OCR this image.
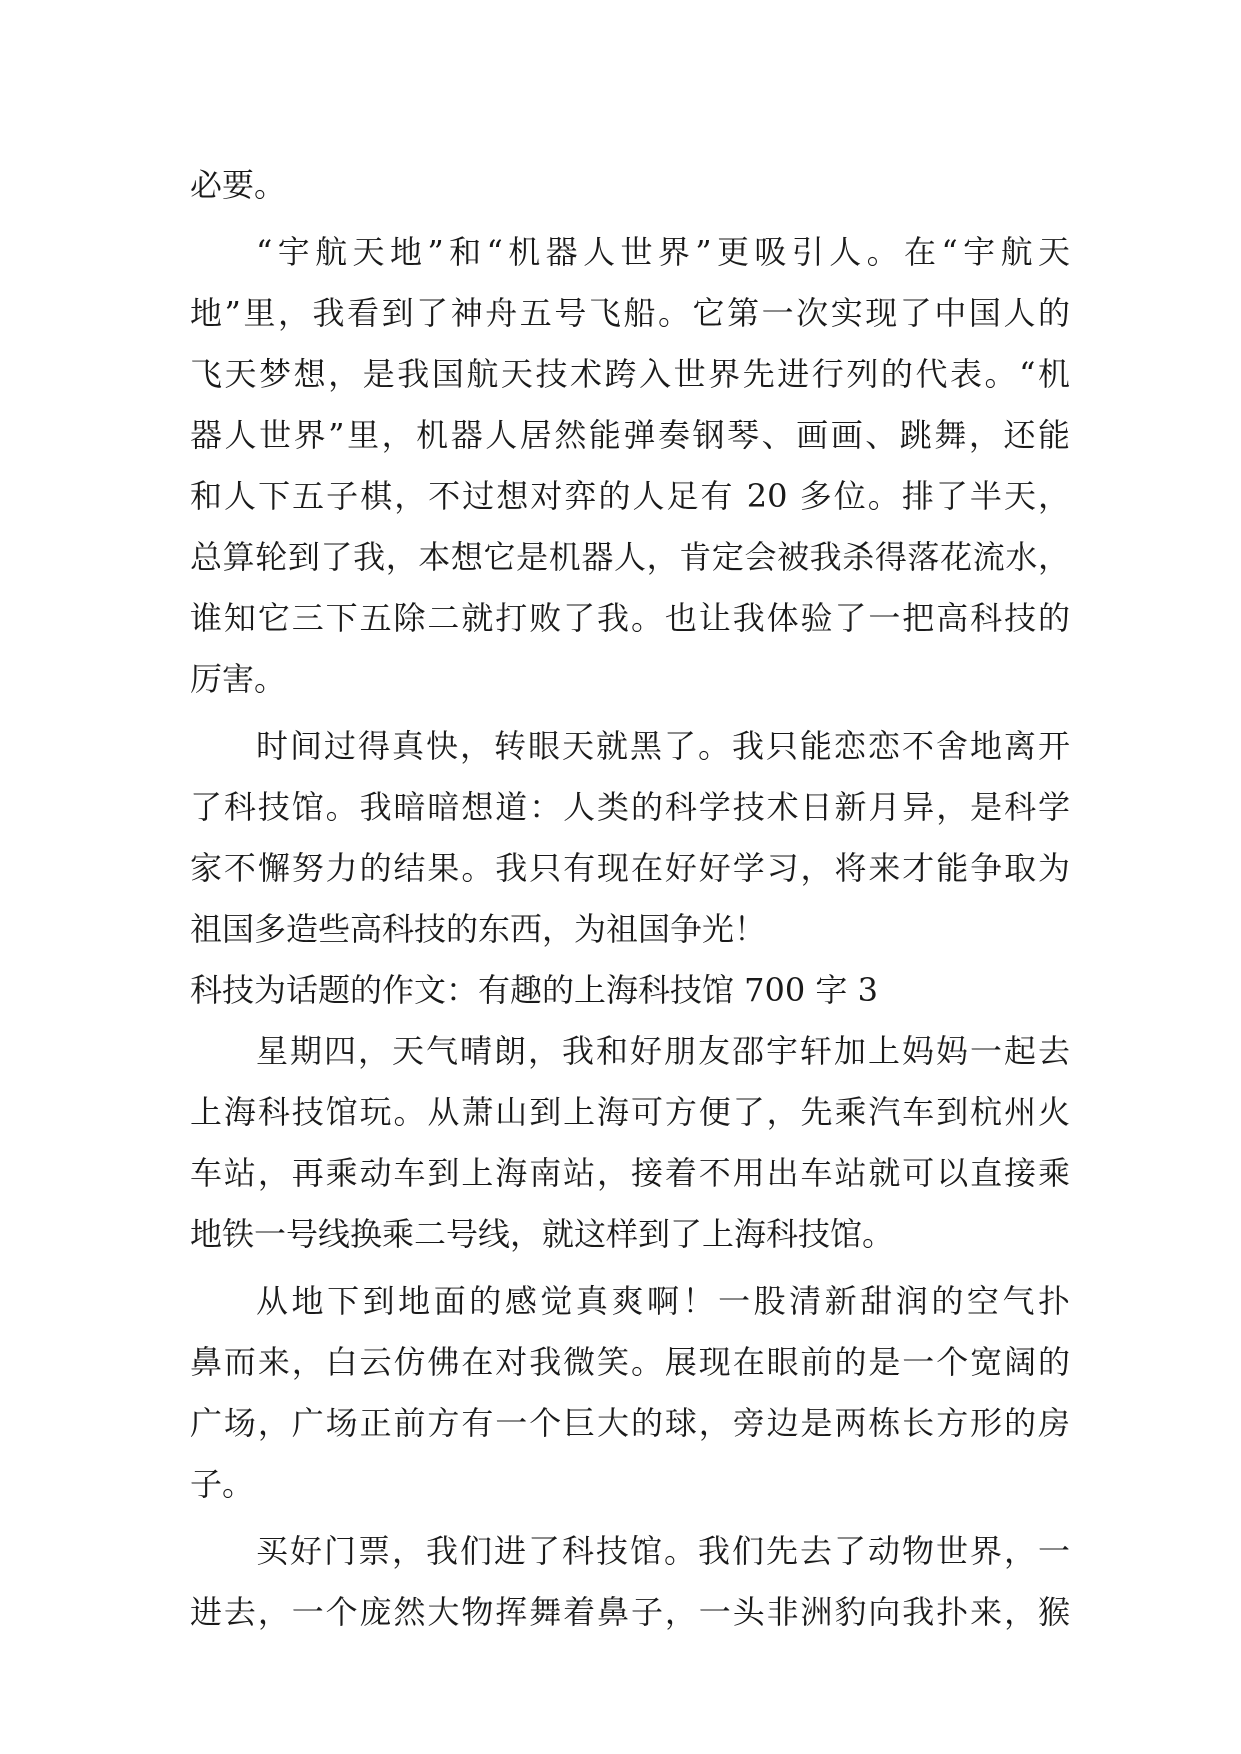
必要。
“宇航天地”和“机器人世界”更吸引人。在“宇航天
地”里，我看到了神舟五号飞船。它第一次实现了中国人的
飞天梦想，是我国航天技术跨入世界先进行列的代表。“机
器人世界”里，机器人居然能弹奏钢琴、画画、跳舞，还能
和人下五子棋，不过想对弈的人足有 20 多位。排了半天，
总算轮到了我，本想它是机器人，肯定会被我杀得落花流水，
谁知它三下五除二就打败了我。也让我体验了一把高科技的
厉害。
时间过得真快，转眼天就黑了。我只能恋恋不舍地离开
了科技馆。我暗暗想道：人类的科学技术日新月异，是科学
家不懈努力的结果。我只有现在好好学习，将来才能争取为
祖国多造些高科技的东西，为祖国争光！
科技为话题的作文：有趣的上海科技馆 700 字 3
星期四，天气晴朗，我和好朋友邵宇轩加上妈妈一起去
上海科技馆玩。从萧山到上海可方便了，先乘汽车到杭州火
车站，再乘动车到上海南站，接着不用出车站就可以直接乘
地铁一号线换乘二号线，就这样到了上海科技馆。
从地下到地面的感觉真爽啊！一股清新甜润的空气扑
鼻而来，白云仿佛在对我微笑。展现在眼前的是一个宽阔的
广场，广场正前方有一个巨大的球，旁边是两栋长方形的房
子。
买好门票，我们进了科技馆。我们先去了动物世界，一
进去，一个庞然大物挥舞着鼻子，一头非洲豹向我扑来，猴
